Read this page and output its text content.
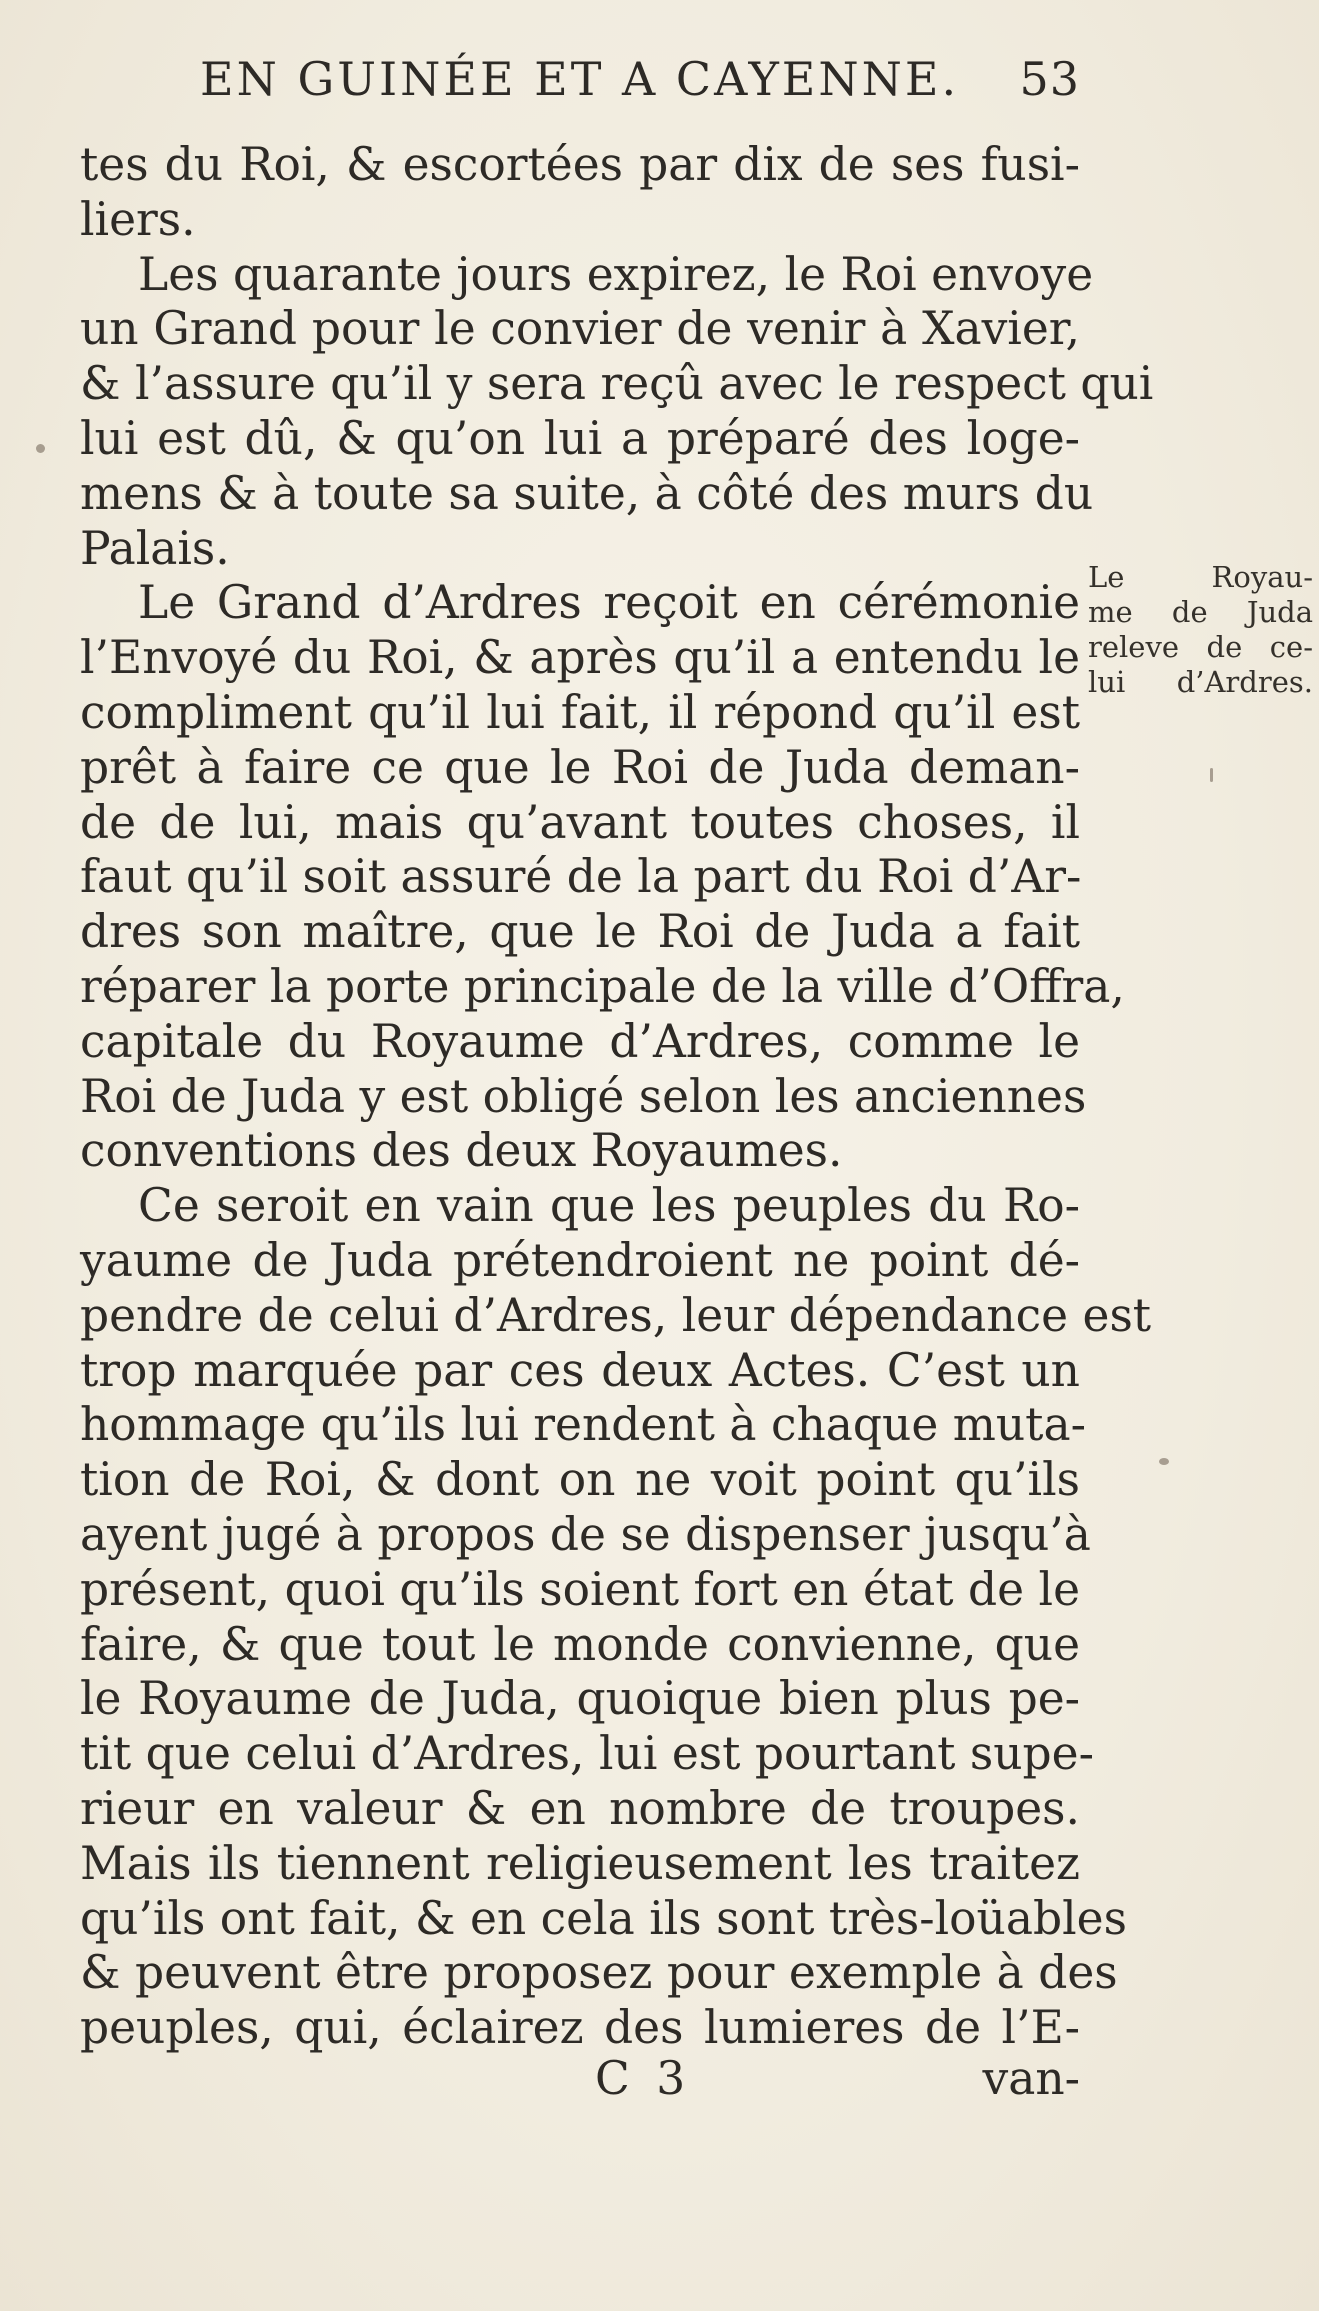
EN GUINÉE ET A CAYENNE. 53
tes du Roi, & escortées par dix de ses fusi-
liers.
Les quarante jours expirez, le Roi envoye
un Grand pour le convier de venir à Xavier,
& l’assure qu’il y sera reçû avec le respect qui
lui est dû, & qu’on lui a préparé des loge-
mens & à toute sa suite, à côté des murs du
Palais.
Le Grand d’Ardres reçoit en cérémonie
l’Envoyé du Roi, & après qu’il a entendu le
compliment qu’il lui fait, il répond qu’il est
prêt à faire ce que le Roi de Juda deman-
de de lui, mais qu’avant toutes choses, il
faut qu’il soit assuré de la part du Roi d’Ar-
dres son maître, que le Roi de Juda a fait
réparer la porte principale de la ville d’Offra,
capitale du Royaume d’Ardres, comme le
Roi de Juda y est obligé selon les anciennes
conventions des deux Royaumes.
Ce seroit en vain que les peuples du Ro-
yaume de Juda prétendroient ne point dé-
pendre de celui d’Ardres, leur dépendance est
trop marquée par ces deux Actes. C’est un
hommage qu’ils lui rendent à chaque muta-
tion de Roi, & dont on ne voit point qu’ils
ayent jugé à propos de se dispenser jusqu’à
présent, quoi qu’ils soient fort en état de le
faire, & que tout le monde convienne, que
le Royaume de Juda, quoique bien plus pe-
tit que celui d’Ardres, lui est pourtant supe-
rieur en valeur & en nombre de troupes.
Mais ils tiennent religieusement les traitez
qu’ils ont fait, & en cela ils sont très-loüables
& peuvent être proposez pour exemple à des
peuples, qui, éclairez des lumieres de l’E-
Le Royau-
me de Juda
releve de ce-
lui d’Ardres.
C 3	van-
